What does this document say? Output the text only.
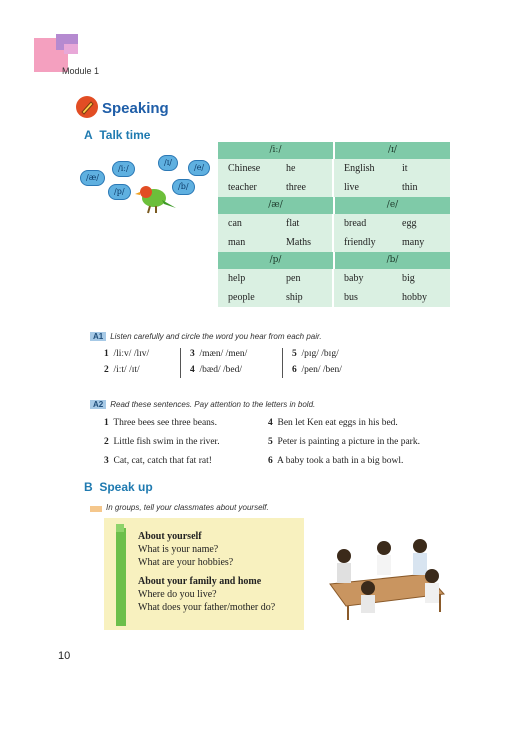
Module 1
Speaking
A Talk time
/iː/
/ɪ/
/e/
/æ/
/p/
/b/
/iː/	/ɪ/
Chinese	he	English	it
teacher	three	live	thin
/æ/	/e/
can	flat	bread	egg
man	Maths	friendly	many
/p/	/b/
help	pen	baby	big
people	ship	bus	hobby
A1 Listen carefully and circle the word you hear from each pair.
1 /liːv/ /lɪv/
2 /iːt/ /ɪt/
3 /mæn/ /men/
4 /bæd/ /bed/
5 /pɪg/ /bɪg/
6 /pen/ /ben/
A2 Read these sentences. Pay attention to the letters in bold.
1 Three bees see three beans.	4 Ben let Ken eat eggs in his bed.
2 Little fish swim in the river.	5 Peter is painting a picture in the park.
3 Cat, cat, catch that fat rat!	6 A baby took a bath in a big bowl.
B Speak up
In groups, tell your classmates about yourself.
About yourself
What is your name?
What are your hobbies?
About your family and home
Where do you live?
What does your father/mother do?
10
